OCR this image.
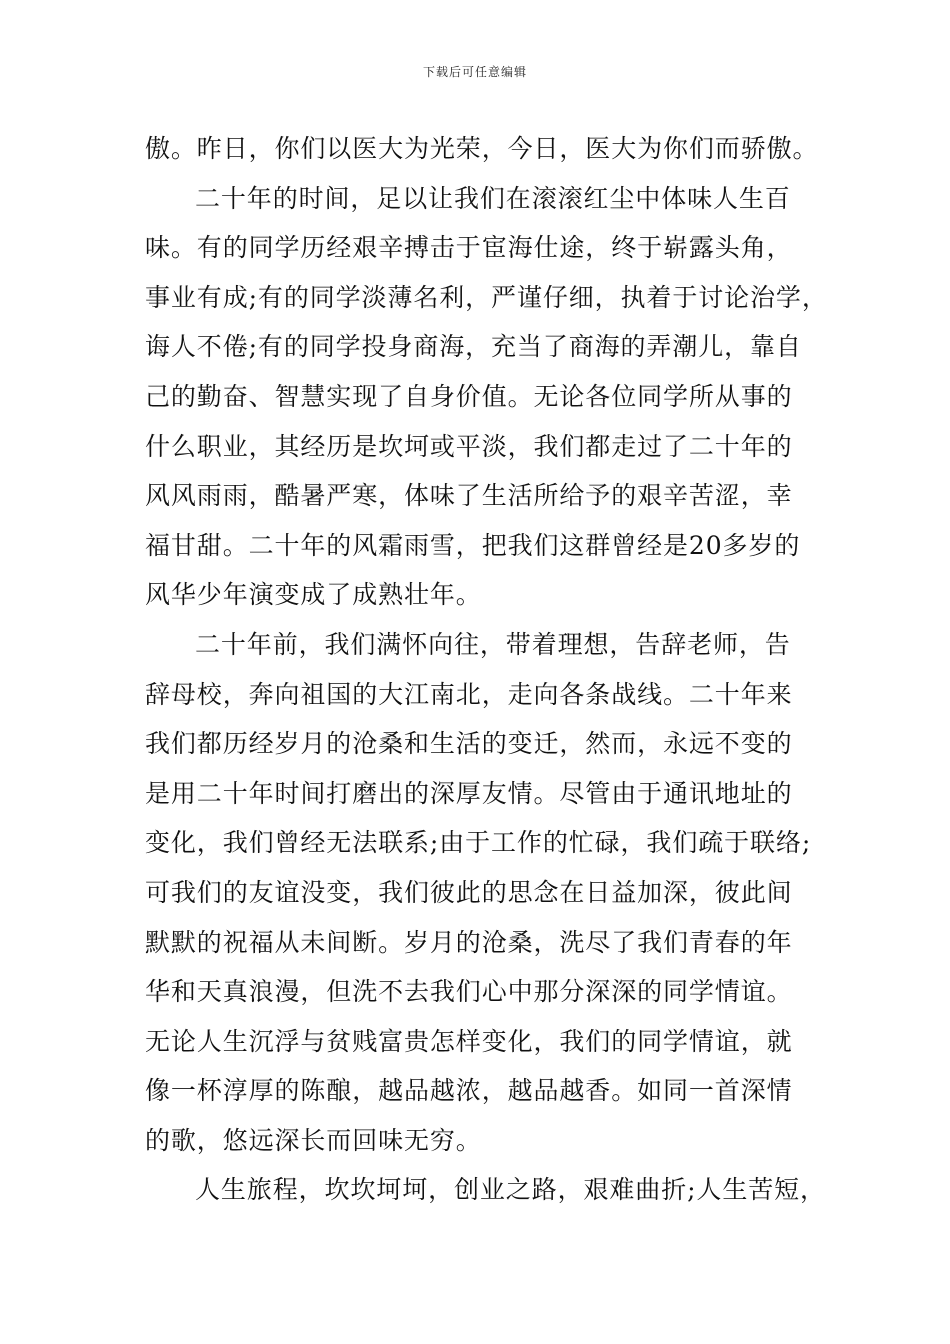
下载后可任意编辑
傲。昨日，你们以医大为光荣，今日，医大为你们而骄傲。
二十年的时间，足以让我们在滚滚红尘中体味人生百
味。有的同学历经艰辛搏击于宦海仕途，终于崭露头角，
事业有成;有的同学淡薄名利，严谨仔细，执着于讨论治学，
诲人不倦;有的同学投身商海，充当了商海的弄潮儿，靠自
己的勤奋、智慧实现了自身价值。无论各位同学所从事的
什么职业，其经历是坎坷或平淡，我们都走过了二十年的
风风雨雨，酷暑严寒，体味了生活所给予的艰辛苦涩，幸
福甘甜。二十年的风霜雨雪，把我们这群曾经是20多岁的
风华少年演变成了成熟壮年。
二十年前，我们满怀向往，带着理想，告辞老师，告
辞母校，奔向祖国的大江南北，走向各条战线。二十年来
我们都历经岁月的沧桑和生活的变迁，然而，永远不变的
是用二十年时间打磨出的深厚友情。尽管由于通讯地址的
变化，我们曾经无法联系;由于工作的忙碌，我们疏于联络;
可我们的友谊没变，我们彼此的思念在日益加深，彼此间
默默的祝福从未间断。岁月的沧桑，洗尽了我们青春的年
华和天真浪漫，但洗不去我们心中那分深深的同学情谊。
无论人生沉浮与贫贱富贵怎样变化，我们的同学情谊，就
像一杯淳厚的陈酿，越品越浓，越品越香。如同一首深情
的歌，悠远深长而回味无穷。
人生旅程，坎坎坷坷，创业之路，艰难曲折;人生苦短，
